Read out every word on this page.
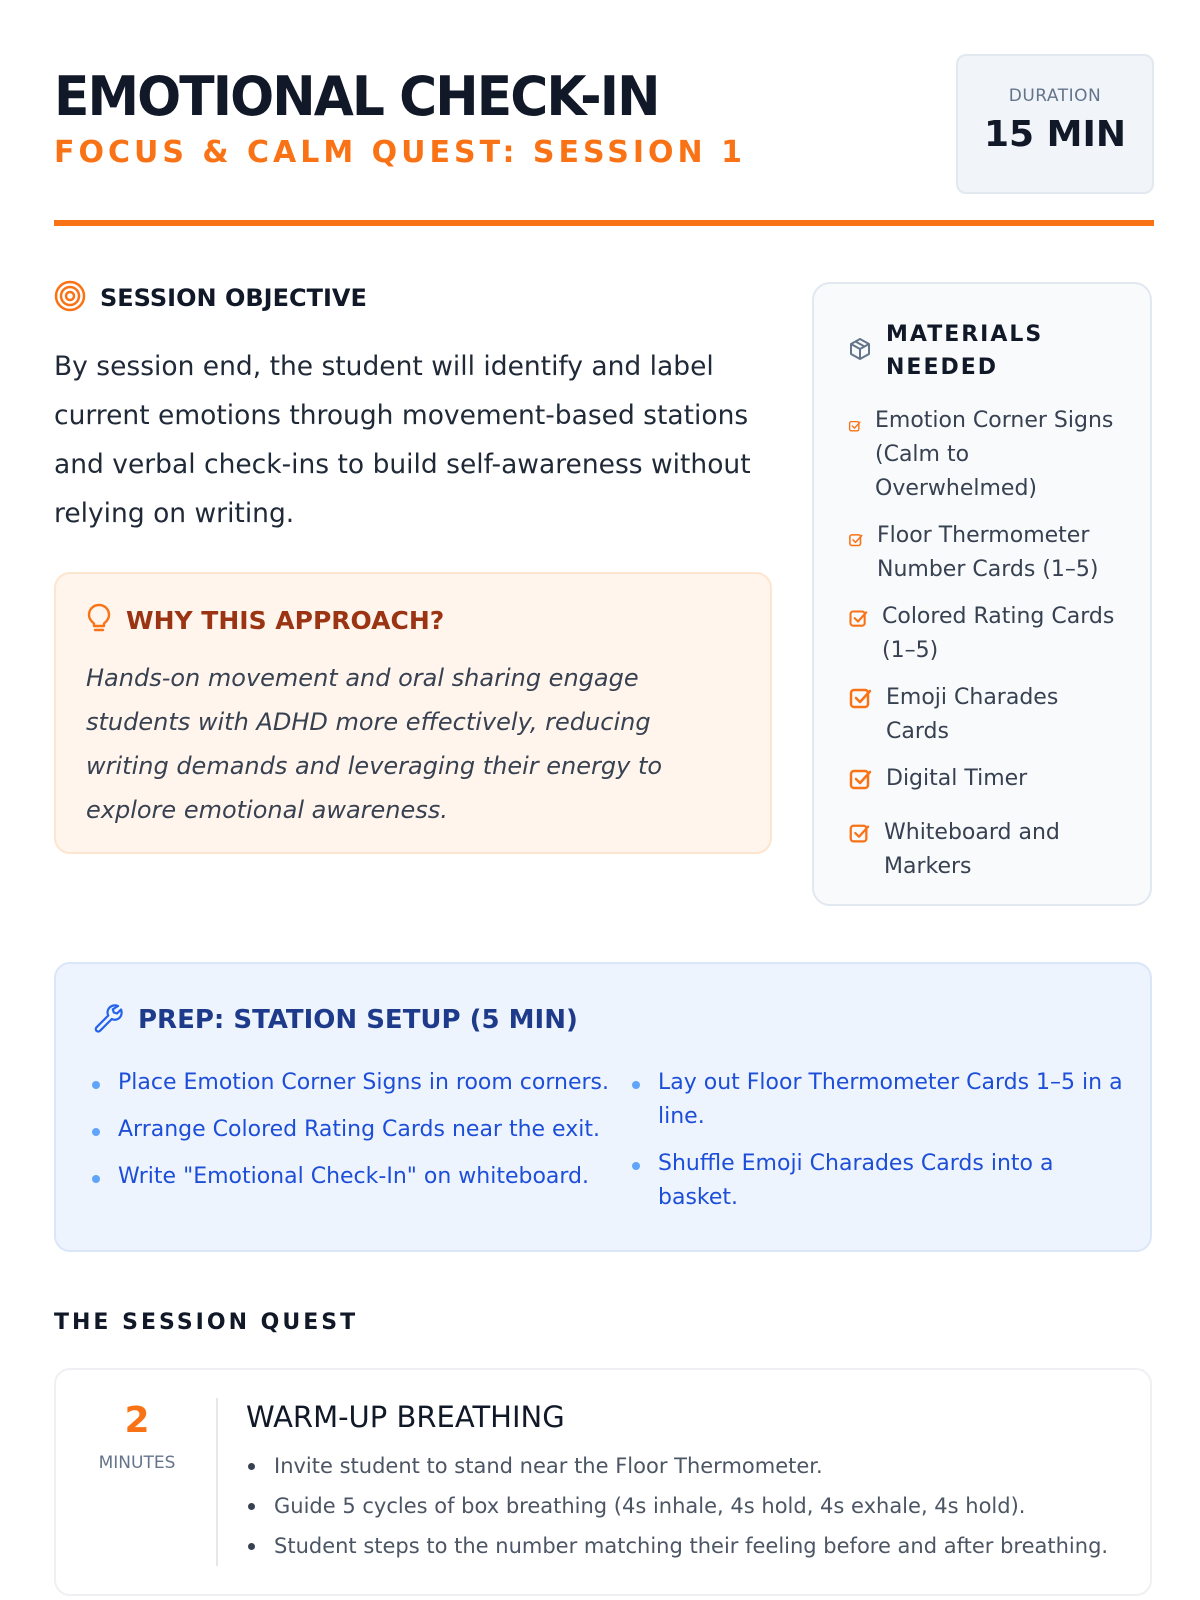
EMOTIONAL CHECK-IN
FOCUS & CALM QUEST: SESSION 1
DURATION
15 MIN
SESSION OBJECTIVE

By session end, the student will identify and label current emotions through movement-based stations and verbal check-ins to build self-awareness without relying on writing.

WHY THIS APPROACH?

Hands-on movement and oral sharing engage students with ADHD more effectively, reducing writing demands and leveraging their energy to explore emotional awareness.

MATERIALS NEEDED
Emotion Corner Signs (Calm to Overwhelmed)
Floor Thermometer Number Cards (1–5)
Colored Rating Cards (1–5)
Emoji Charades Cards
Digital Timer
Whiteboard and Markers
PREP: STATION SETUP (5 MIN)
Place Emotion Corner Signs in room corners.
Arrange Colored Rating Cards near the exit.
Write "Emotional Check-In" on whiteboard.
Lay out Floor Thermometer Cards 1–5 in a line.
Shuffle Emoji Charades Cards into a basket.
THE SESSION QUEST
2
MINUTES
WARM-UP BREATHING
Invite student to stand near the Floor Thermometer.
Guide 5 cycles of box breathing (4s inhale, 4s hold, 4s exhale, 4s hold).
Student steps to the number matching their feeling before and after breathing.
